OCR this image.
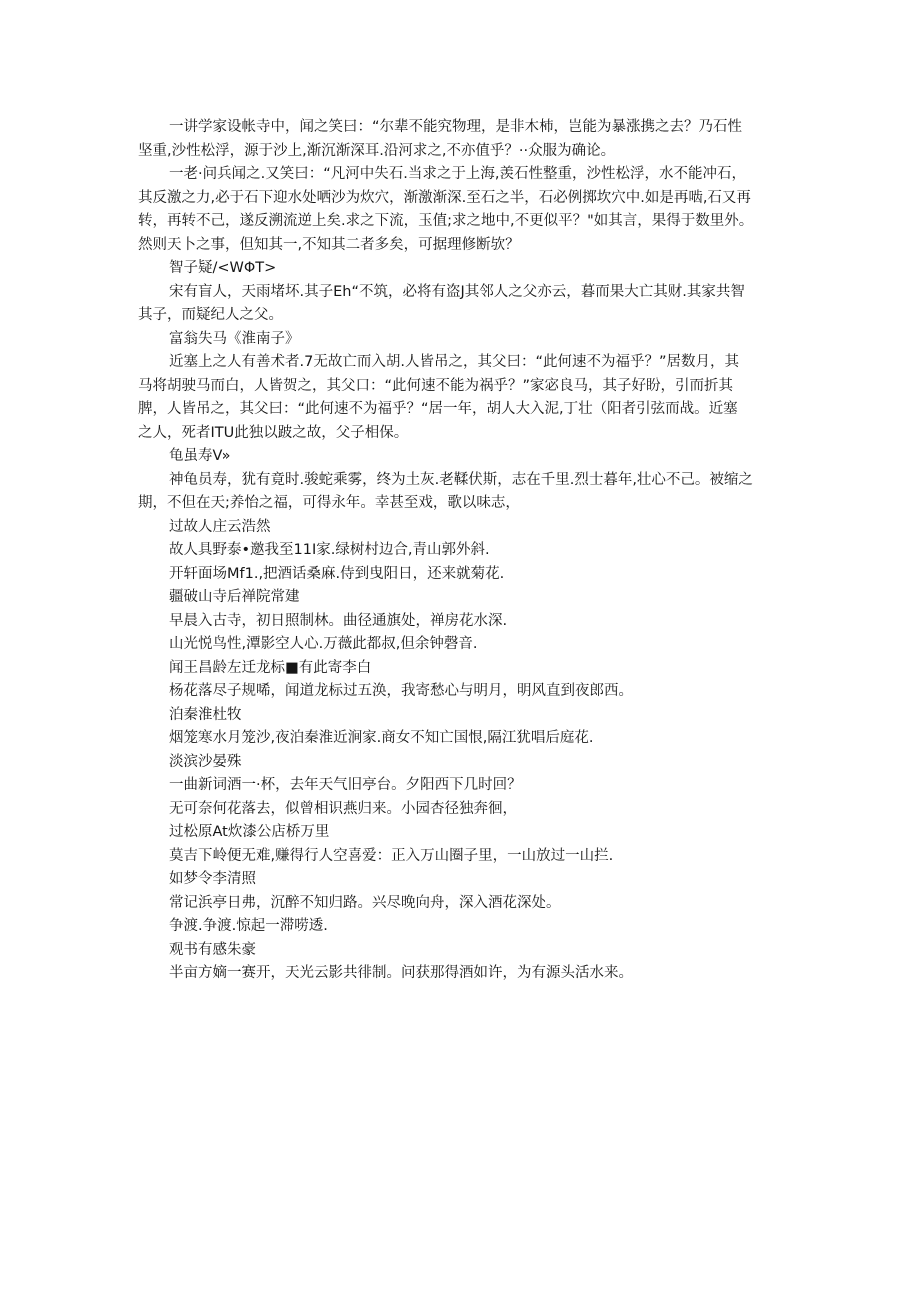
一讲学家设帐寺中，闻之笑曰：“尔辈不能究物理，是非木杮，岂能为暴涨携之去？乃石性
坚重,沙性松浮，源于沙上,渐沉渐深耳.沿河求之,不亦值乎？··众服为确论。
一老·问兵闻之.又笑曰：“凡河中失石.当求之于上海,羡石性整重，沙性松浮，水不能冲石，
其反激之力,必于石下迎水处哂沙为炊穴，渐激渐深.至石之半，石必例掷坎穴中.如是再啮,石又再
转，再转不己，遂反溯流逆上矣.求之下流，玉值;求之地中,不更似平？"如其言，果得于数里外。
然则天卜之事，但知其一,不知其二者多矣，可据理修断欤？
智子疑/<WΦT>
宋有盲人，天雨堵坏.其子Eh“不筑，必将有盗J其邻人之父亦云，暮而果大亡其财.其家共智
其子，而疑纪人之父。
富翁失马《淮南子》
近塞上之人有善术者.7无故亡而入胡.人皆吊之，其父曰：“此何速不为福乎？”居数月，其
马将胡驶马而白，人皆贺之，其父口：“此何速不能为祸乎？”家宓良马，其子好盼，引而折其
脾，人皆吊之，其父曰：“此何速不为福乎？“居一年，胡人大入泥,丁壮（阳者引弦而战。近塞
之人，死者ITU此独以跛之故，父子相保。
龟虽寿V»
神龟员寿，犹有竟时.骏蛇乘雾，终为土灰.老鞣伏斯，志在千里.烈士暮年,壮心不己。被缩之
期，不但在天;养怡之福，可得永年。幸甚至戏，歌以味志，
过故人庄云浩然
故人具野泰•邀我至11I家.绿树村边合,青山郭外斜.
开轩面场Mf1.,把酒话桑麻.侍到曳阳日，还来就菊花.
疆破山寺后禅院常建
早晨入古寺，初日照制林。曲径通旗处，禅房花水深.
山光悦鸟性,潭影空人心.万薇此都叔,但余钟磬音.
闻王昌龄左迁龙标■有此寄李白
杨花落尽子规唏，闻道龙标过五涣，我寄愁心与明月，明风直到夜郎西。
泊秦淮杜牧
烟笼寒水月笼沙,夜泊秦淮近涧家.商女不知亡国恨,隔江犹唱后庭花.
淡滨沙晏殊
一曲新词酒一·杯，去年天气旧亭台。夕阳西下几时回？
无可奈何花落去，似曾相识燕归来。小园杏径独奔徊，
过松原At炊漆公店桥万里
莫吉下岭便无难,赚得行人空喜爱：正入万山圈子里，一山放过一山拦.
如梦令李清照
常记浜亭日弗，沉醉不知归路。兴尽晚向舟，深入酒花深处。
争渡.争渡.惊起一滞唠透.
观书有感朱豪
半亩方嫡一赛开，天光云影共徘制。问获那得酒如许，为有源头活水来。
